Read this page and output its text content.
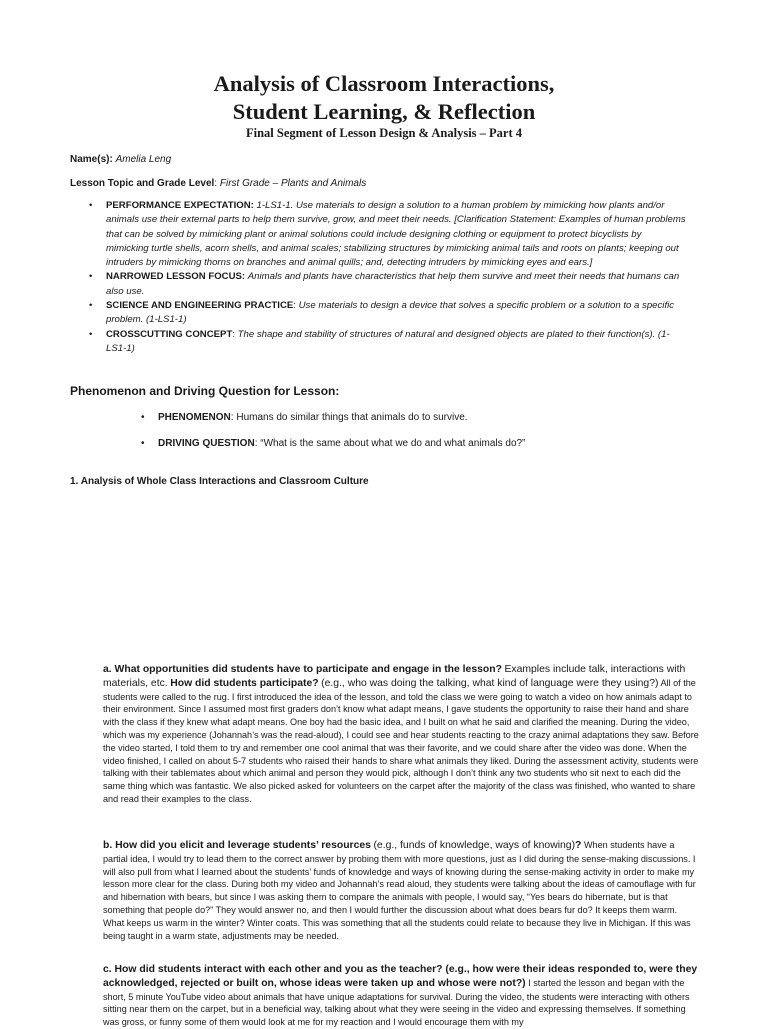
Analysis of Classroom Interactions,
Student Learning, & Reflection
Final Segment of Lesson Design & Analysis – Part 4
Name(s): Amelia Leng
Lesson Topic and Grade Level: First Grade – Plants and Animals
• PERFORMANCE EXPECTATION: 1-LS1-1. Use materials to design a solution to a human problem by mimicking how plants and/or animals use their external parts to help them survive, grow, and meet their needs. [Clarification Statement: Examples of human problems that can be solved by mimicking plant or animal solutions could include designing clothing or equipment to protect bicyclists by mimicking turtle shells, acorn shells, and animal scales; stabilizing structures by mimicking animal tails and roots on plants; keeping out intruders by mimicking thorns on branches and animal quills; and, detecting intruders by mimicking eyes and ears.]
• NARROWED LESSON FOCUS: Animals and plants have characteristics that help them survive and meet their needs that humans can also use.
• SCIENCE AND ENGINEERING PRACTICE: Use materials to design a device that solves a specific problem or a solution to a specific problem. (1-LS1-1)
• CROSSCUTTING CONCEPT: The shape and stability of structures of natural and designed objects are plated to their function(s). (1-LS1-1)
Phenomenon and Driving Question for Lesson:
• PHENOMENON: Humans do similar things that animals do to survive.
• DRIVING QUESTION: “What is the same about what we do and what animals do?”
1. Analysis of Whole Class Interactions and Classroom Culture

a. What opportunities did students have to participate and engage in the lesson? Examples include talk, interactions with materials, etc. How did students participate? (e.g., who was doing the talking, what kind of language were they using?) All of the students were called to the rug. I first introduced the idea of the lesson, and told the class we were going to watch a video on how animals adapt to their environment. Since I assumed most first graders don’t know what adapt means, I gave students the opportunity to raise their hand and share with the class if they knew what adapt means. One boy had the basic idea, and I built on what he said and clarified the meaning. During the video, which was my experience (Johannah’s was the read-aloud), I could see and hear students reacting to the crazy animal adaptations they saw. Before the video started, I told them to try and remember one cool animal that was their favorite, and we could share after the video was done. When the video finished, I called on about 5-7 students who raised their hands to share what animals they liked. During the assessment activity, students were talking with their tablemates about which animal and person they would pick, although I don’t think any two students who sit next to each did the same thing which was fantastic. We also picked asked for volunteers on the carpet after the majority of the class was finished, who wanted to share and read their examples to the class.

b. How did you elicit and leverage students’ resources (e.g., funds of knowledge, ways of knowing)? When students have a partial idea, I would try to lead them to the correct answer by probing them with more questions, just as I did during the sense-making discussions. I will also pull from what I learned about the students’ funds of knowledge and ways of knowing during the sense-making activity in order to make my lesson more clear for the class. During both my video and Johannah’s read aloud, they students were talking about the ideas of camouflage with fur and hibernation with bears, but since I was asking them to compare the animals with people, I would say, “Yes bears do hibernate, but is that something that people do?” They would answer no, and then I would further the discussion about what does bears fur do? It keeps them warm. What keeps us warm in the winter? Winter coats. This was something that all the students could relate to because they live in Michigan. If this was being taught in a warm state, adjustments may be needed.

c. How did students interact with each other and you as the teacher? (e.g., how were their ideas responded to, were they acknowledged, rejected or built on, whose ideas were taken up and whose were not?) I started the lesson and began with the short, 5 minute YouTube video about animals that have unique adaptations for survival. During the video, the students were interacting with others sitting near them on the carpet, but in a beneficial way, talking about what they were seeing in the video and expressing themselves. If something was gross, or funny some of them would look at me for my reaction and I would encourage them with my
